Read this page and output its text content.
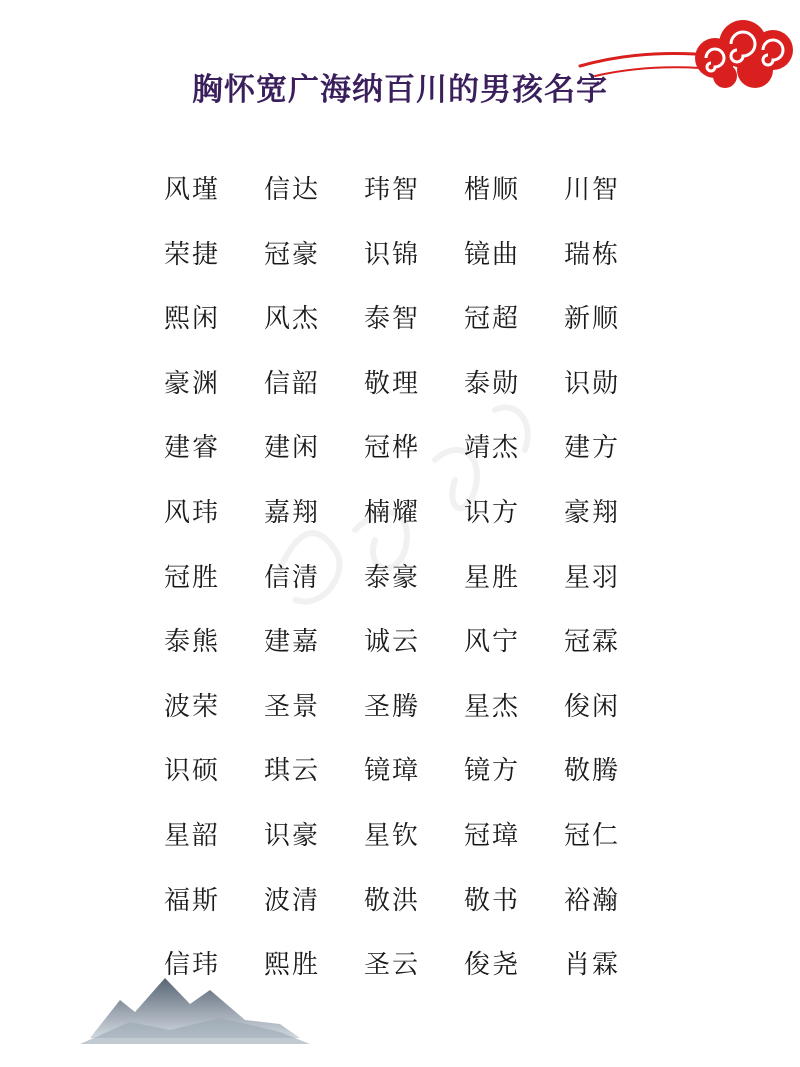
胸怀宽广海纳百川的男孩名字
风瑾	信达	玮智	楷顺	川智
荣捷	冠豪	识锦	镜曲	瑞栋
熙闲	风杰	泰智	冠超	新顺
豪渊	信韶	敬理	泰勋	识勋
建睿	建闲	冠桦	靖杰	建方
风玮	嘉翔	楠耀	识方	豪翔
冠胜	信清	泰豪	星胜	星羽
泰熊	建嘉	诚云	风宁	冠霖
波荣	圣景	圣腾	星杰	俊闲
识硕	琪云	镜璋	镜方	敬腾
星韶	识豪	星钦	冠璋	冠仁
福斯	波清	敬洪	敬书	裕瀚
信玮	熙胜	圣云	俊尧	肖霖
